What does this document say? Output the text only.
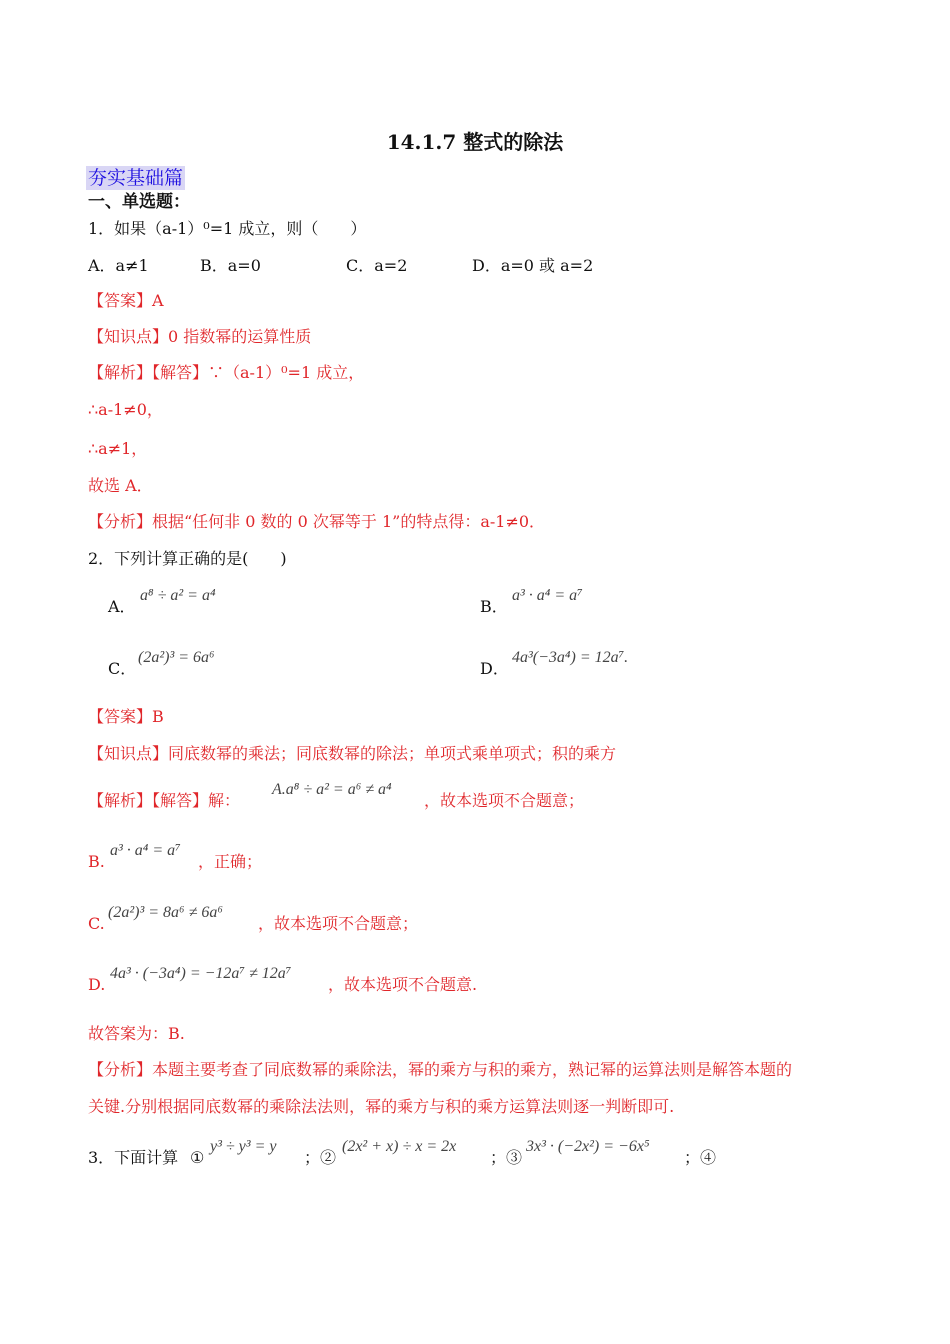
14.1.7 整式的除法
夯实基础篇
一、单选题：
1．如果（a-1）⁰=1 成立，则（　　）
A．a≠1	B．a=0	C．a=2	D．a=0 或 a=2
【答案】A
【知识点】0 指数幂的运算性质
【解析】【解答】∵（a-1）⁰=1 成立，
∴a-1≠0，
∴a≠1，
故选 A．
【分析】根据“任何非 0 数的 0 次幂等于 1”的特点得：a-1≠0．
2．下列计算正确的是(　　)
A．
a⁸ ÷ a² = a⁴
B．
a³ · a⁴ = a⁷
C．
(2a²)³ = 6a⁶
D．
4a³(−3a⁴) = 12a⁷.
【答案】B
【知识点】同底数幂的乘法；同底数幂的除法；单项式乘单项式；积的乘方
【解析】【解答】解：
A.a⁸ ÷ a² = a⁶ ≠ a⁴
，故本选项不合题意；
B.
a³ · a⁴ = a⁷
，正确；
C.
(2a²)³ = 8a⁶ ≠ 6a⁶
，故本选项不合题意；
D.
4a³ · (−3a⁴) = −12a⁷ ≠ 12a⁷
，故本选项不合题意.
故答案为：B.
【分析】本题主要考查了同底数幂的乘除法，幂的乘方与积的乘方，熟记幂的运算法则是解答本题的
关键.分别根据同底数幂的乘除法法则，幂的乘方与积的乘方运算法则逐一判断即可.
3．下面计算 ①
y³ ÷ y³ = y
；②
(2x² + x) ÷ x = 2x
；③
3x³ · (−2x²) = −6x⁵
；④
